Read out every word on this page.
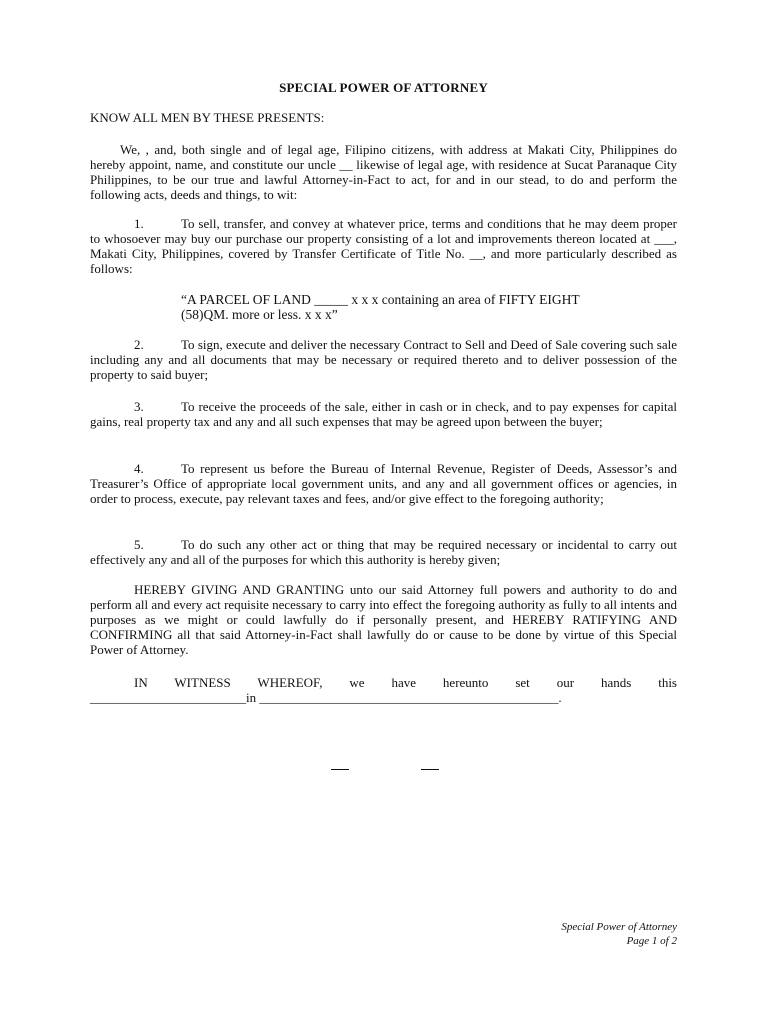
SPECIAL POWER OF ATTORNEY
KNOW ALL MEN BY THESE PRESENTS:

We, , and, both single and of legal age, Filipino citizens, with address at Makati City, Philippines do hereby appoint, name, and constitute our uncle __ likewise of legal age, with residence at Sucat Paranaque City Philippines, to be our true and lawful Attorney-in-Fact to act, for and in our stead, to do and perform the following acts, deeds and things, to wit:

1.	To sell, transfer, and convey at whatever price, terms and conditions that he may deem proper to whosoever may buy our purchase our property consisting of a lot and improvements thereon located at ___, Makati City, Philippines, covered by Transfer Certificate of Title No. __, and more particularly described as follows:

“A PARCEL OF LAND _____ x x x containing an area of FIFTY EIGHT
(58)QM. more or less. x x x”

2.	To sign, execute and deliver the necessary Contract to Sell and Deed of Sale covering such sale including any and all documents that may be necessary or required thereto and to deliver possession of the property to said buyer;

3.	To receive the proceeds of the sale, either in cash or in check, and to pay expenses for capital gains, real property tax and any and all such expenses that may be agreed upon between the buyer;

4.	To represent us before the Bureau of Internal Revenue, Register of Deeds, Assessor’s and Treasurer’s Office of appropriate local government units, and any and all government offices or agencies, in order to process, execute, pay relevant taxes and fees, and/or give effect to the foregoing authority;

5.	To do such any other act or thing that may be required necessary or incidental to carry out effectively any and all of the purposes for which this authority is hereby given;

HEREBY GIVING AND GRANTING unto our said Attorney full powers and authority to do and perform all and every act requisite necessary to carry into effect the foregoing authority as fully to all intents and purposes as we might or could lawfully do if personally present, and HEREBY RATIFYING AND CONFIRMING all that said Attorney-in-Fact shall lawfully do or cause to be done by virtue of this Special Power of Attorney.

IN WITNESS WHEREOF, we have hereunto set our hands this
________________________in ______________________________________________.
Special Power of Attorney
Page 1 of 2
